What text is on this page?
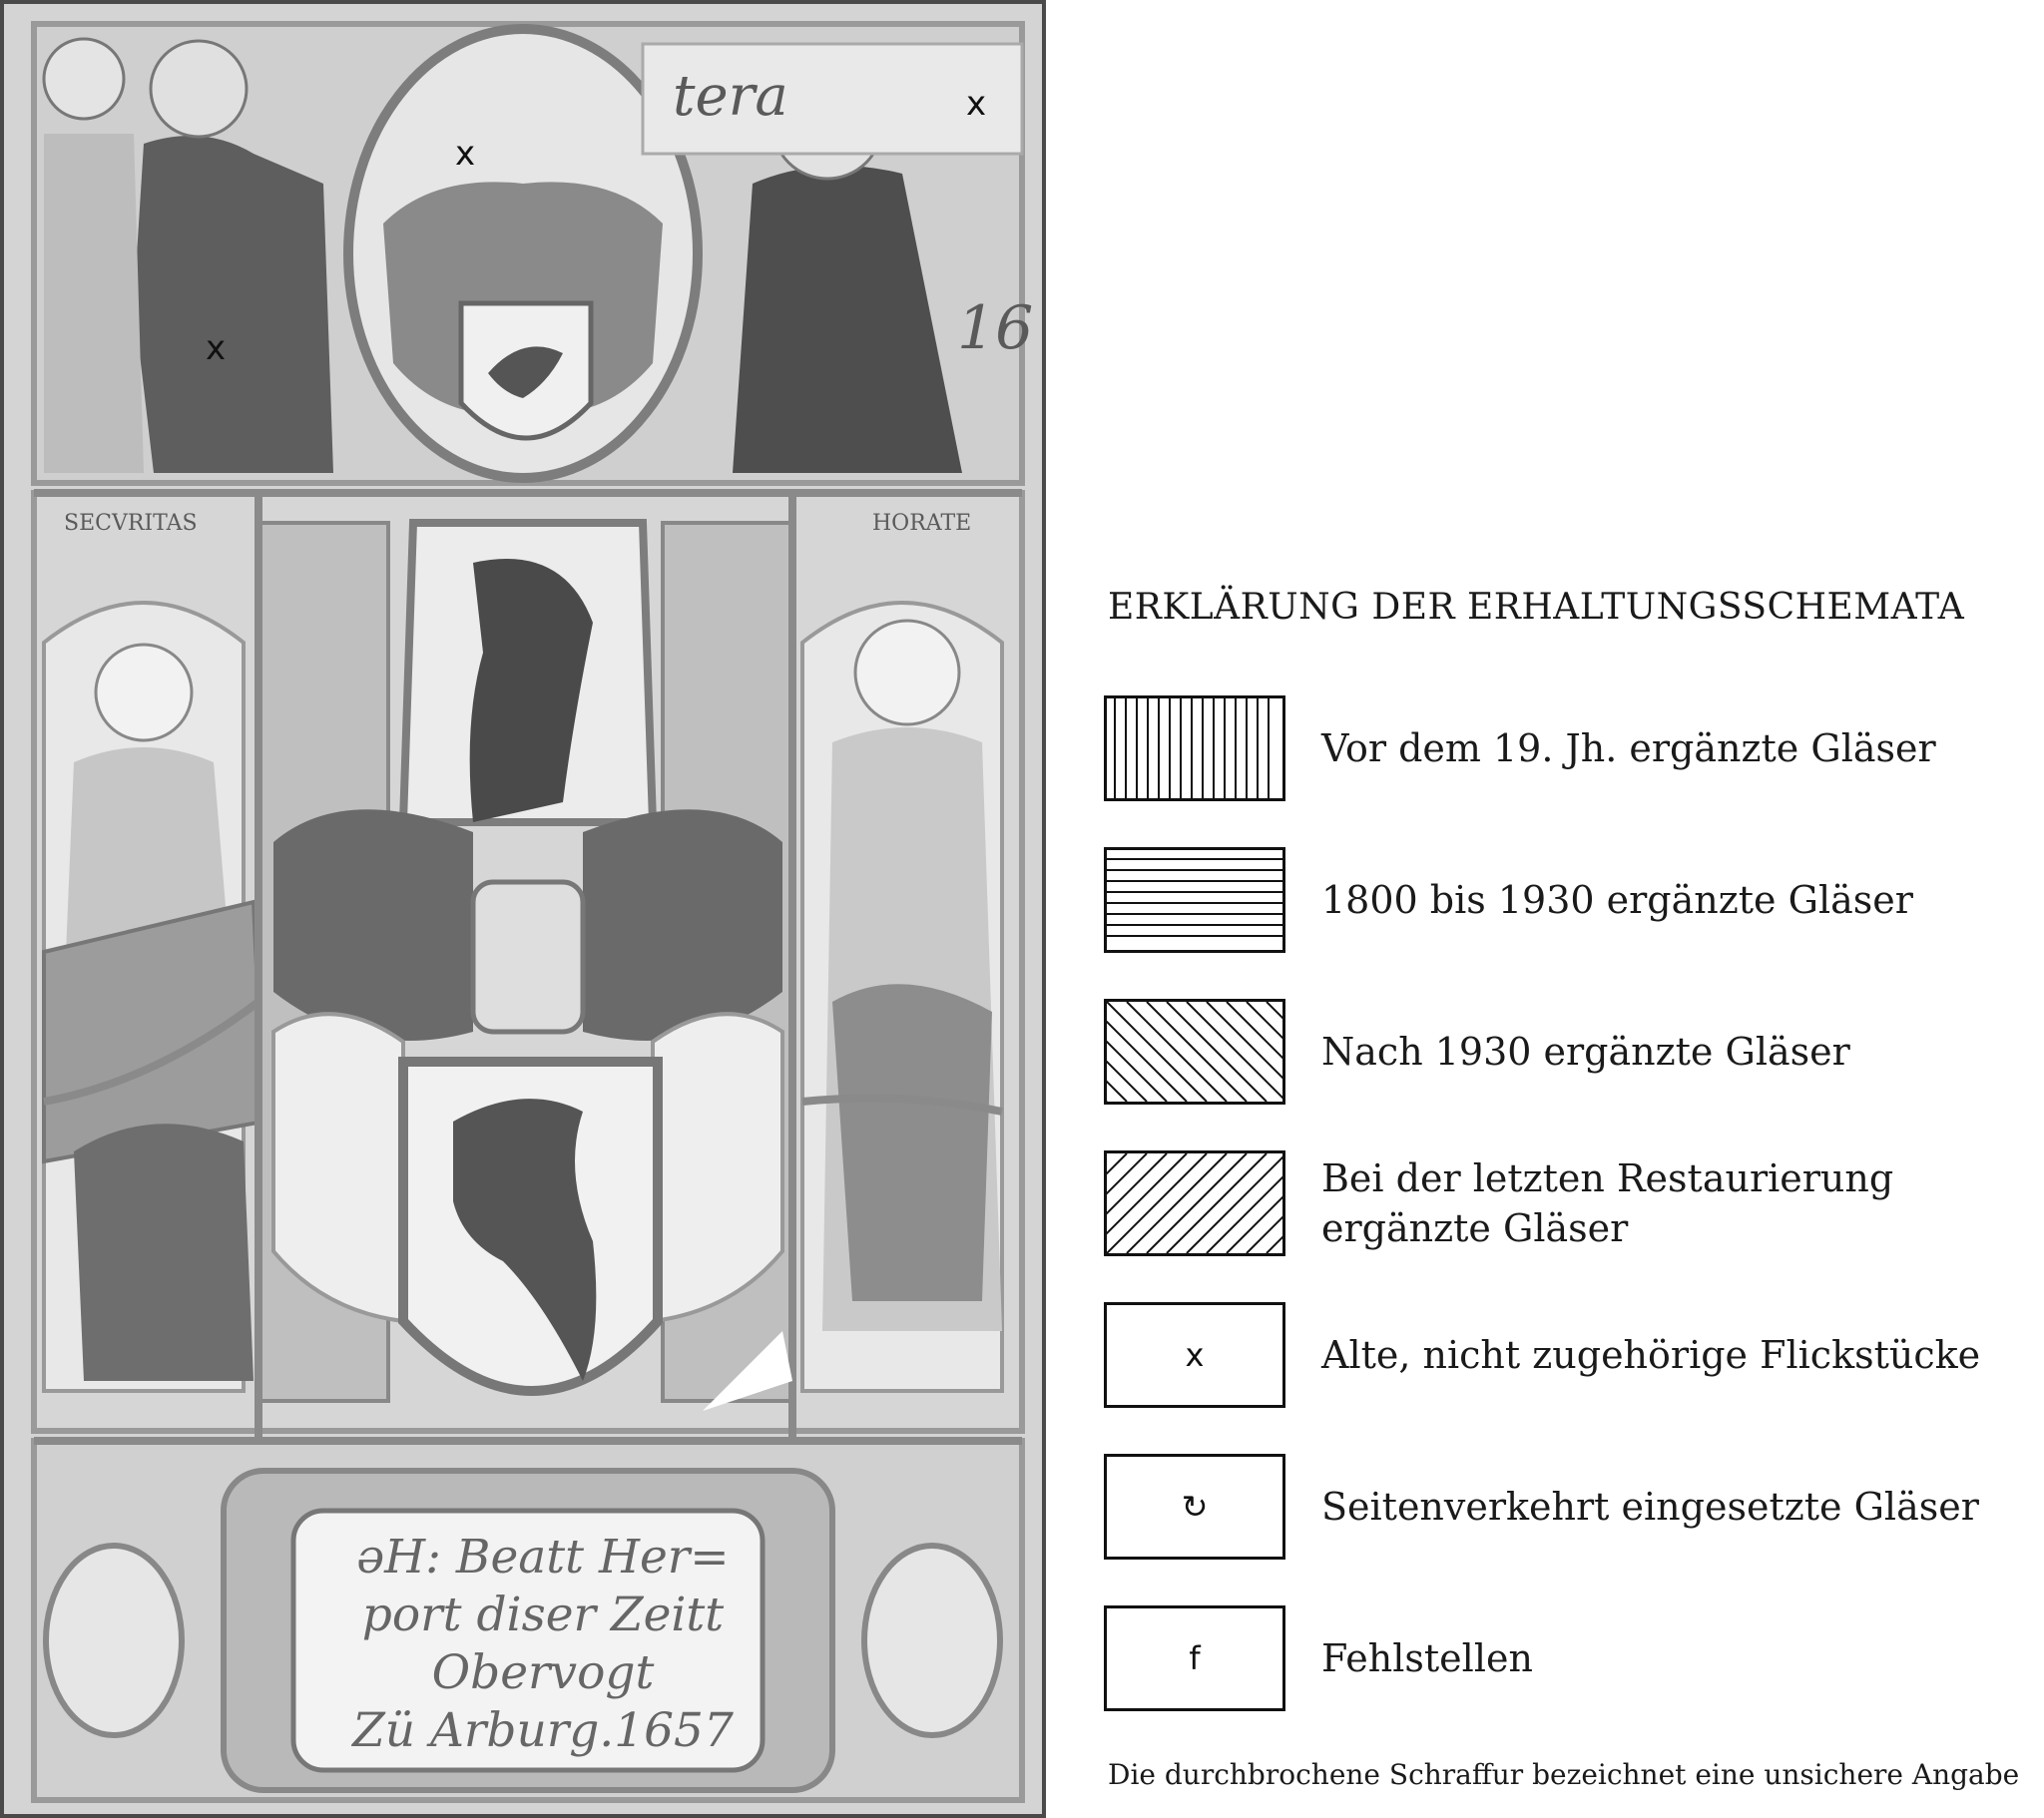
tera
16
SECVRITAS	HORATE
x
x
x
ǝH: Beatt Her=
port diser Zeitt Obervogt
Zü Arburg.1657
ERKLÄRUNG DER ERHALTUNGSSCHEMATA
Vor dem 19. Jh. ergänzte Gläser
1800 bis 1930 ergänzte Gläser
Nach 1930 ergänzte Gläser
Bei der letzten Restaurierung ergänzte Gläser
x	Alte, nicht zugehörige Flickstücke
↻	Seitenverkehrt eingesetzte Gläser
f	Fehlstellen
Die durchbrochene Schraffur bezeichnet eine unsichere Angabe
